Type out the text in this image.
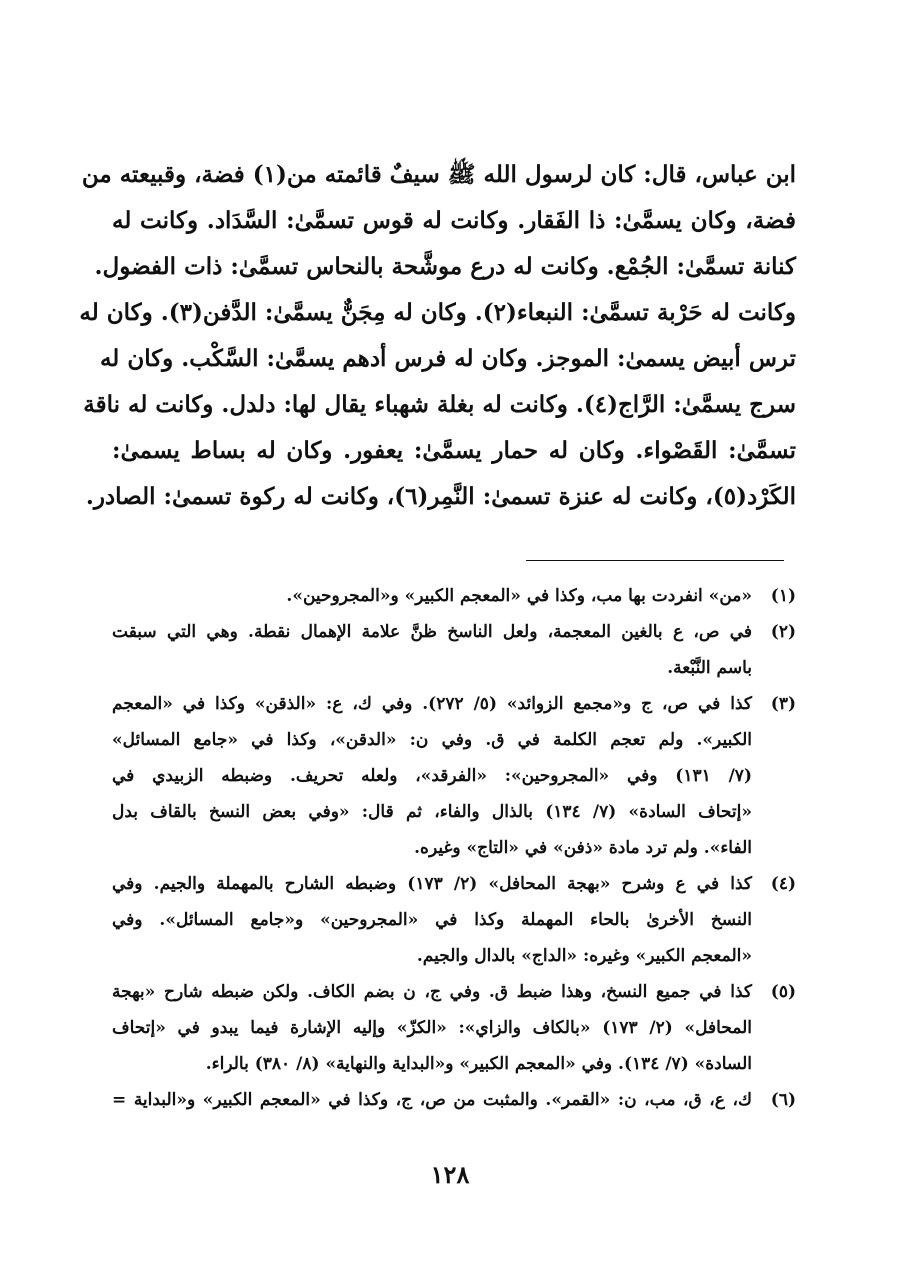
ابن عباس، قال: كان لرسول الله ﷺ سيفٌ قائمته من(١) فضة، وقبيعته من
فضة، وكان يسمَّىٰ: ذا الفَقار. وكانت له قوس تسمَّىٰ: السَّدَاد. وكانت له
كنانة تسمَّىٰ: الجُمْع. وكانت له درع موشَّحة بالنحاس تسمَّىٰ: ذات الفضول.
وكانت له حَرْبة تسمَّىٰ: النبعاء(٢). وكان له مِجَنٌّ يسمَّىٰ: الدَّفن(٣). وكان له
ترس أبيض يسمىٰ: الموجز. وكان له فرس أدهم يسمَّىٰ: السَّكْب. وكان له
سرج يسمَّىٰ: الرَّاج(٤). وكانت له بغلة شهباء يقال لها: دلدل. وكانت له ناقة
تسمَّىٰ: القَصْواء. وكان له حمار يسمَّىٰ: يعفور. وكان له بساط يسمىٰ:
الكَرْد(٥)، وكانت له عنزة تسمىٰ: النَّمِر(٦)، وكانت له ركوة تسمىٰ: الصادر.
(١)
«من» انفردت بها مب، وكذا في «المعجم الكبير» و«المجروحين».
(٢)
في ص، ع بالغين المعجمة، ولعل الناسخ ظنَّ علامة الإهمال نقطة. وهي التي سبقت
باسم النَّبْعة.
(٣)
كذا في ص، ج و«مجمع الزوائد» (٥/ ٢٧٢). وفي ك، ع: «الذقن» وكذا في «المعجم
الكبير». ولم تعجم الكلمة في ق. وفي ن: «الدقن»، وكذا في «جامع المسائل»
(٧/ ١٣١) وفي «المجروحين»: «الفرقد»، ولعله تحريف. وضبطه الزبيدي في
«إتحاف السادة» (٧/ ١٣٤) بالذال والفاء، ثم قال: «وفي بعض النسخ بالقاف بدل
الفاء». ولم ترد مادة «ذفن» في «التاج» وغيره.
(٤)
كذا في ع وشرح «بهجة المحافل» (٢/ ١٧٣) وضبطه الشارح بالمهملة والجيم. وفي
النسخ الأخرىٰ بالحاء المهملة وكذا في «المجروحين» و«جامع المسائل». وفي
«المعجم الكبير» وغيره: «الداج» بالدال والجيم.
(٥)
كذا في جميع النسخ، وهذا ضبط ق. وفي ج، ن بضم الكاف. ولكن ضبطه شارح «بهجة
المحافل» (٢/ ١٧٣) «بالكاف والزاي»: «الكزّ» وإليه الإشارة فيما يبدو في «إتحاف
السادة» (٧/ ١٣٤). وفي «المعجم الكبير» و«البداية والنهاية» (٨/ ٣٨٠) بالراء.
(٦)
ك، ع، ق، مب، ن: «القمر». والمثبت من ص، ج، وكذا في «المعجم الكبير» و«البداية =
١٢٨
